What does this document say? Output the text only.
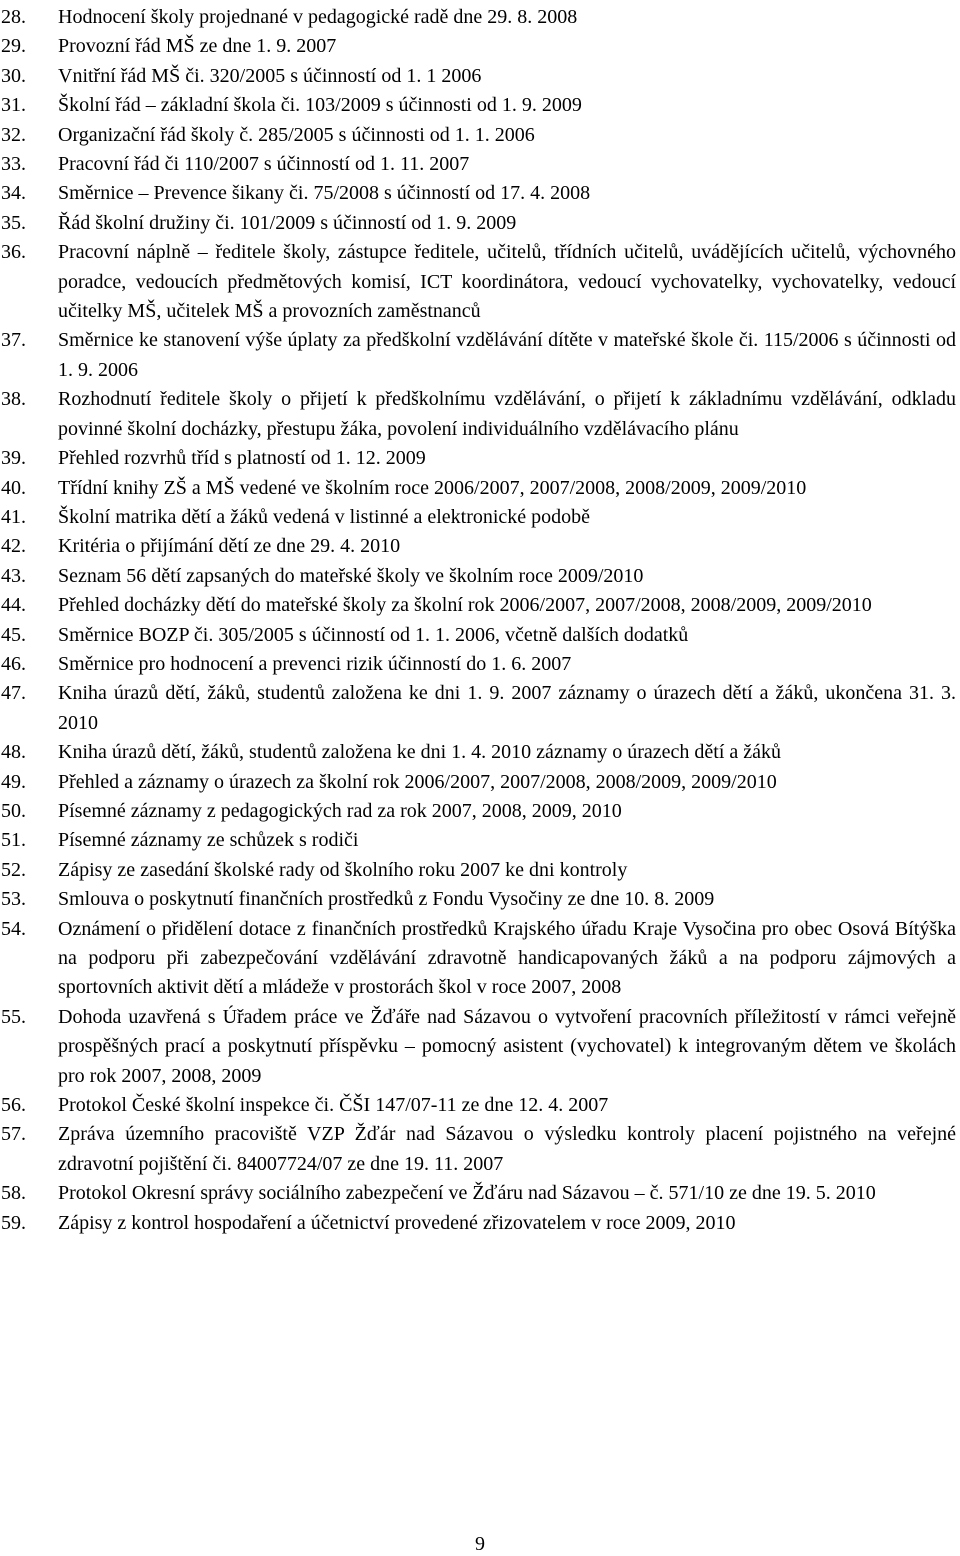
28.	Hodnocení školy projednané v pedagogické radě dne 29. 8. 2008
29.	Provozní řád MŠ ze dne 1. 9. 2007
30.	Vnitřní řád MŠ či. 320/2005 s účinností od 1. 1 2006
31.	Školní řád – základní škola či. 103/2009 s účinnosti od 1. 9. 2009
32.	Organizační řád školy č. 285/2005 s účinnosti od 1. 1. 2006
33.	Pracovní řád či 110/2007 s účinností od 1. 11. 2007
34.	Směrnice – Prevence šikany či. 75/2008 s účinností od 17. 4. 2008
35.	Řád školní družiny či. 101/2009 s účinností od 1. 9. 2009
36.	Pracovní náplně – ředitele školy, zástupce ředitele, učitelů, třídních učitelů, uvádějících učitelů, výchovného poradce, vedoucích předmětových komisí, ICT koordinátora, vedoucí vychovatelky, vychovatelky, vedoucí učitelky MŠ, učitelek MŠ a provozních zaměstnanců
37.	Směrnice ke stanovení výše úplaty za předškolní vzdělávání dítěte v mateřské škole či. 115/2006 s účinnosti od 1. 9. 2006
38.	Rozhodnutí ředitele školy o přijetí k předškolnímu vzdělávání, o přijetí k základnímu vzdělávání, odkladu povinné školní docházky, přestupu žáka, povolení individuálního vzdělávacího plánu
39.	Přehled rozvrhů tříd s platností od 1. 12. 2009
40.	Třídní knihy ZŠ a MŠ vedené ve školním roce 2006/2007, 2007/2008, 2008/2009, 2009/2010
41.	Školní matrika dětí a žáků vedená v listinné a elektronické podobě
42.	Kritéria o přijímání dětí ze dne 29. 4. 2010
43.	Seznam 56 dětí zapsaných do mateřské školy ve školním roce 2009/2010
44.	Přehled docházky dětí do mateřské školy za školní rok 2006/2007, 2007/2008, 2008/2009, 2009/2010
45.	Směrnice BOZP či. 305/2005 s účinností od 1. 1. 2006, včetně dalších dodatků
46.	Směrnice pro hodnocení a prevenci rizik účinností do 1. 6. 2007
47.	Kniha úrazů dětí, žáků, studentů založena ke dni 1. 9. 2007 záznamy o úrazech dětí a žáků, ukončena 31. 3. 2010
48.	Kniha úrazů dětí, žáků, studentů založena ke dni 1. 4. 2010 záznamy o úrazech dětí a žáků
49.	Přehled a záznamy o úrazech za školní rok 2006/2007, 2007/2008, 2008/2009, 2009/2010
50.	Písemné záznamy z pedagogických rad za rok 2007, 2008, 2009, 2010
51.	Písemné záznamy ze schůzek s rodiči
52.	Zápisy ze zasedání školské rady od školního roku 2007 ke dni kontroly
53.	Smlouva o poskytnutí finančních prostředků z Fondu Vysočiny ze dne 10. 8. 2009
54.	Oznámení o přidělení dotace z finančních prostředků Krajského úřadu Kraje Vysočina pro obec Osová Bítýška na podporu při zabezpečování vzdělávání zdravotně handicapovaných žáků a na podporu zájmových a sportovních aktivit dětí a mládeže v prostorách škol v roce 2007, 2008
55.	Dohoda uzavřená s Úřadem práce ve Žďáře nad Sázavou o vytvoření pracovních příležitostí v rámci veřejně prospěšných prací a poskytnutí příspěvku – pomocný asistent (vychovatel) k integrovaným dětem ve školách pro rok 2007, 2008, 2009
56.	Protokol České školní inspekce či. ČŠI 147/07-11 ze dne 12. 4. 2007
57.	Zpráva územního pracoviště VZP Žďár nad Sázavou o výsledku kontroly placení pojistného na veřejné zdravotní pojištění či. 84007724/07 ze dne 19. 11. 2007
58.	Protokol Okresní správy sociálního zabezpečení ve Žďáru nad Sázavou – č. 571/10 ze dne 19. 5. 2010
59.	Zápisy z kontrol hospodaření a účetnictví provedené zřizovatelem v roce 2009, 2010
9
